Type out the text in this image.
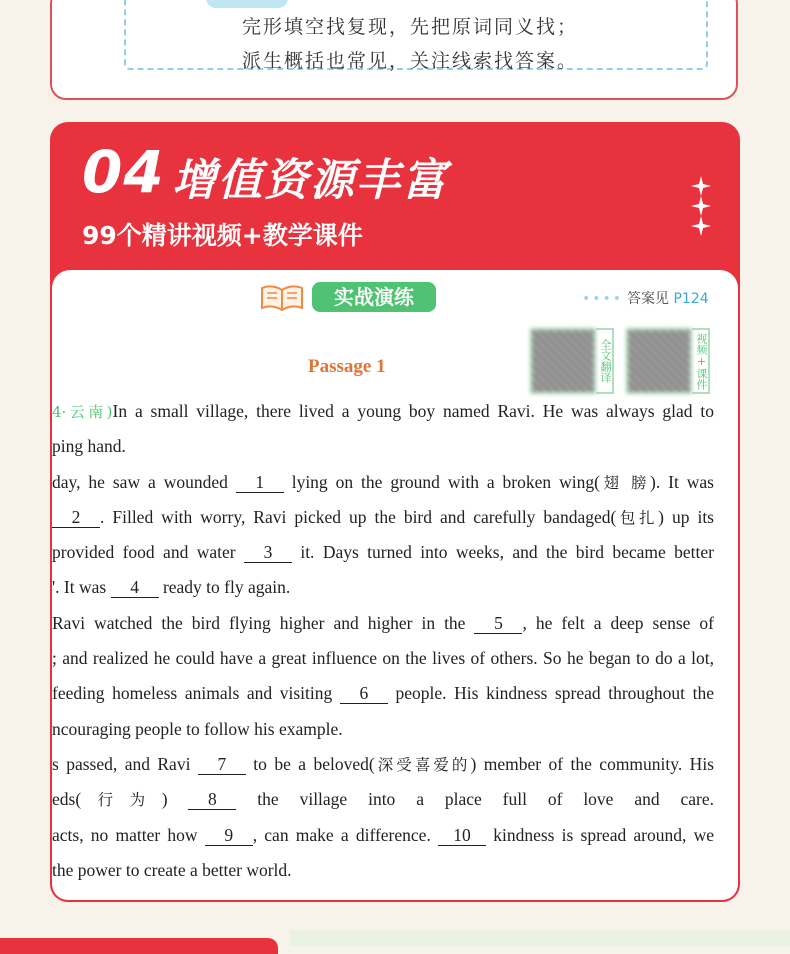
完形填空找复现，先把原词同义找；
派生概括也常见，关注线索找答案。
04 增值资源丰富
99个精讲视频+教学课件
实战演练	•••• 答案见 P124
全文翻译	视频+课件
Passage 1
4·云南)In a small village, there lived a young boy named Ravi. He was always glad to
ping hand.
day, he saw a wounded 1 lying on the ground with a broken wing(翅 膀). It was
2 . Filled with worry, Ravi picked up the bird and carefully bandaged(包扎) up its
provided food and water 3 it. Days turned into weeks, and the bird became better
'. It was 4 ready to fly again.
Ravi watched the bird flying higher and higher in the 5 , he felt a deep sense of
; and realized he could have a great influence on the lives of others. So he began to do a lot,
feeding homeless animals and visiting 6 people. His kindness spread throughout the
ncouraging people to follow his example.
s passed, and Ravi 7 to be a beloved(深受喜爱的) member of the community. His
eds(行为) 8 the village into a place full of love and care.
acts, no matter how 9 , can make a difference. 10 kindness is spread around, we
the power to create a better world.
